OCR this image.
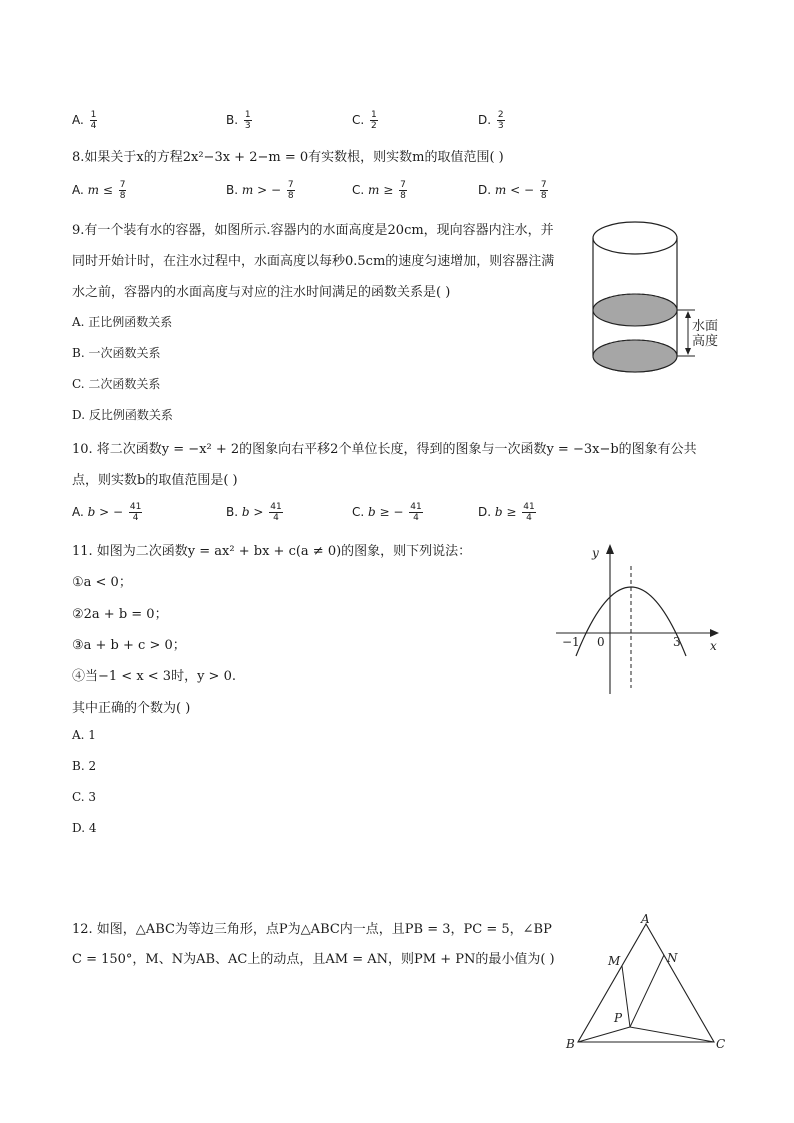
A. $\frac{1}{4}$	B. $\frac{1}{3}$	C. $\frac{1}{2}$	D. $\frac{2}{3}$
8.如果关于x的方程2x²−3x + 2−m = 0有实数根，则实数m的取值范围( )
A. $m \le \frac{7}{8}$	B. m > − $\frac{7}{8}$	C. $m \ge \frac{7}{8}$	D. m < − $\frac{7}{8}$
9.有一个装有水的容器，如图所示.容器内的水面高度是20cm，现向容器内注水，并
同时开始计时，在注水过程中，水面高度以每秒0.5cm的速度匀速增加，则容器注满
水之前，容器内的水面高度与对应的注水时间满足的函数关系是( )
A. 正比例函数关系
B. 一次函数关系
C. 二次函数关系
D. 反比例函数关系
水面
高度
10. 将二次函数y = −x² + 2的图象向右平移2个单位长度，得到的图象与一次函数y = −3x−b的图象有公共
点，则实数b的取值范围是( )
A. b > − $\frac{41}{4}$	B. $b > \frac{41}{4}$	C. b ≥ − $\frac{41}{4}$	D. $b \ge \frac{41}{4}$
11. 如图为二次函数y = ax² + bx + c(a ≠ 0)的图象，则下列说法：
①a < 0；
②2a + b = 0；
③a + b + c > 0；
④当−1 < x < 3时，y > 0.
其中正确的个数为( )
A. 1
B. 2
C. 3
D. 4
y
x
0
−1	3
12. 如图，△ABC为等边三角形，点P为△ABC内一点，且PB = 3，PC = 5，∠BP
C = 150°，M、N为AB、AC上的动点，且AM = AN，则PM + PN的最小值为( )
A
B	C
M	N
P
